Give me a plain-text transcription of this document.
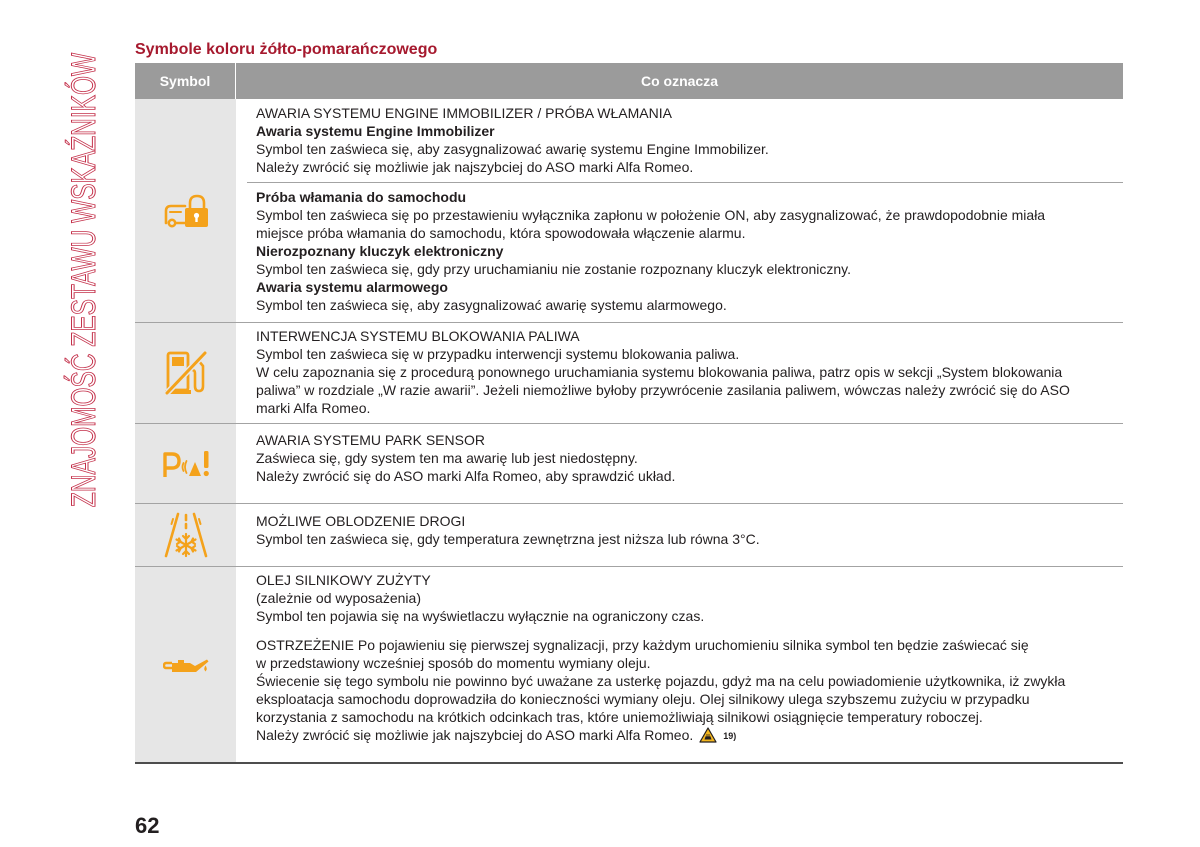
ZNAJOMOŚĆ ZESTAWU WSKAŹNIKÓW
Symbole koloru żółto-pomarańczowego
Symbol	Co oznacza
AWARIA SYSTEMU ENGINE IMMOBILIZER / PRÓBA WŁAMANIA
Awaria systemu Engine Immobilizer
Symbol ten zaświeca się, aby zasygnalizować awarię systemu Engine Immobilizer.
Należy zwrócić się możliwie jak najszybciej do ASO marki Alfa Romeo.
Próba włamania do samochodu
Symbol ten zaświeca się po przestawieniu wyłącznika zapłonu w położenie ON, aby zasygnalizować, że prawdopodobnie miała
miejsce próba włamania do samochodu, która spowodowała włączenie alarmu.
Nierozpoznany kluczyk elektroniczny
Symbol ten zaświeca się, gdy przy uruchamianiu nie zostanie rozpoznany kluczyk elektroniczny.
Awaria systemu alarmowego
Symbol ten zaświeca się, aby zasygnalizować awarię systemu alarmowego.
INTERWENCJA SYSTEMU BLOKOWANIA PALIWA
Symbol ten zaświeca się w przypadku interwencji systemu blokowania paliwa.
W celu zapoznania się z procedurą ponownego uruchamiania systemu blokowania paliwa, patrz opis w sekcji „System blokowania
paliwa” w rozdziale „W razie awarii”. Jeżeli niemożliwe byłoby przywrócenie zasilania paliwem, wówczas należy zwrócić się do ASO
marki Alfa Romeo.
AWARIA SYSTEMU PARK SENSOR
Zaświeca się, gdy system ten ma awarię lub jest niedostępny.
Należy zwrócić się do ASO marki Alfa Romeo, aby sprawdzić układ.
MOŻLIWE OBLODZENIE DROGI
Symbol ten zaświeca się, gdy temperatura zewnętrzna jest niższa lub równa 3°C.
OLEJ SILNIKOWY ZUŻYTY
(zależnie od wyposażenia)
Symbol ten pojawia się na wyświetlaczu wyłącznie na ograniczony czas.
OSTRZEŻENIE Po pojawieniu się pierwszej sygnalizacji, przy każdym uruchomieniu silnika symbol ten będzie zaświecać się
w przedstawiony wcześniej sposób do momentu wymiany oleju.
Świecenie się tego symbolu nie powinno być uważane za usterkę pojazdu, gdyż ma na celu powiadomienie użytkownika, iż zwykła
eksploatacja samochodu doprowadziła do konieczności wymiany oleju. Olej silnikowy ulega szybszemu zużyciu w przypadku
korzystania z samochodu na krótkich odcinkach tras, które uniemożliwiają silnikowi osiągnięcie temperatury roboczej.
Należy zwrócić się możliwie jak najszybciej do ASO marki Alfa Romeo.	19)
62
